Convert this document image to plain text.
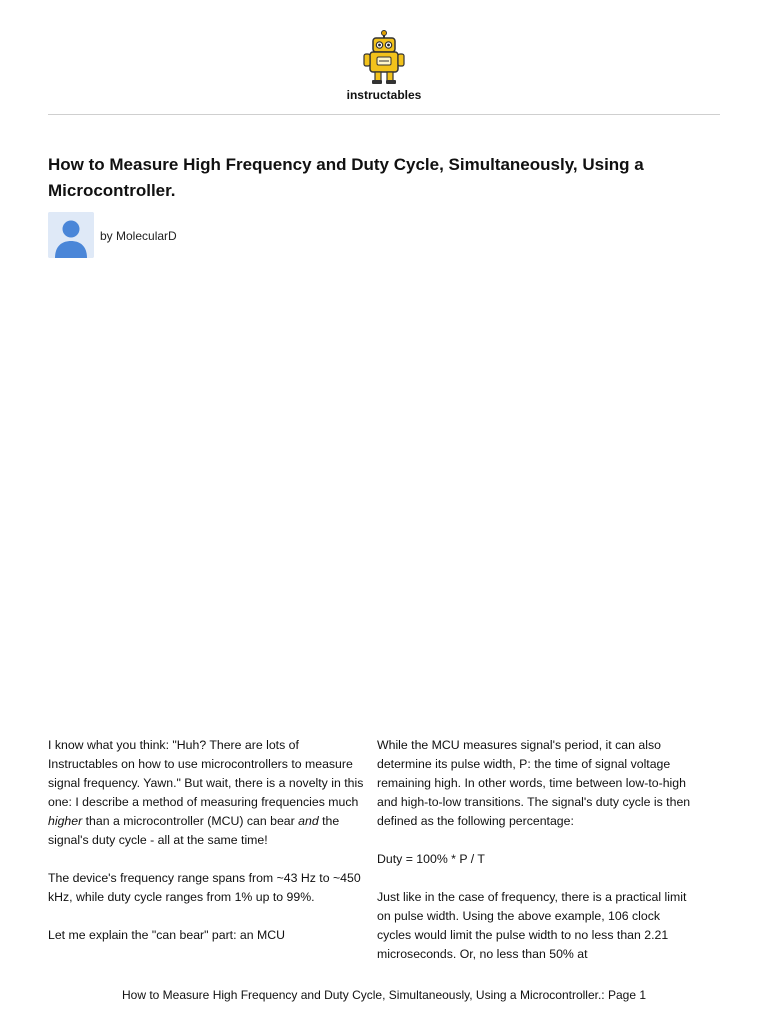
instructables
How to Measure High Frequency and Duty Cycle, Simultaneously, Using a Microcontroller.
by MolecularD

I know what you think: "Huh? There are lots of Instructables on how to use microcontrollers to measure signal frequency. Yawn." But wait, there is a novelty in this one: I describe a method of measuring frequencies much higher than a microcontroller (MCU) can bear and the signal's duty cycle - all at the same time!

The device's frequency range spans from ~43 Hz to ~450 kHz, while duty cycle ranges from 1% up to 99%.

Let me explain the "can bear" part: an MCU

While the MCU measures signal's period, it can also determine its pulse width, P: the time of signal voltage remaining high. In other words, time between low-to-high and high-to-low transitions. The signal's duty cycle is then defined as the following percentage:

Duty = 100% * P / T

Just like in the case of frequency, there is a practical limit on pulse width. Using the above example, 106 clock cycles would limit the pulse width to no less than 2.21 microseconds. Or, no less than 50% at

How to Measure High Frequency and Duty Cycle, Simultaneously, Using a Microcontroller.: Page 1
